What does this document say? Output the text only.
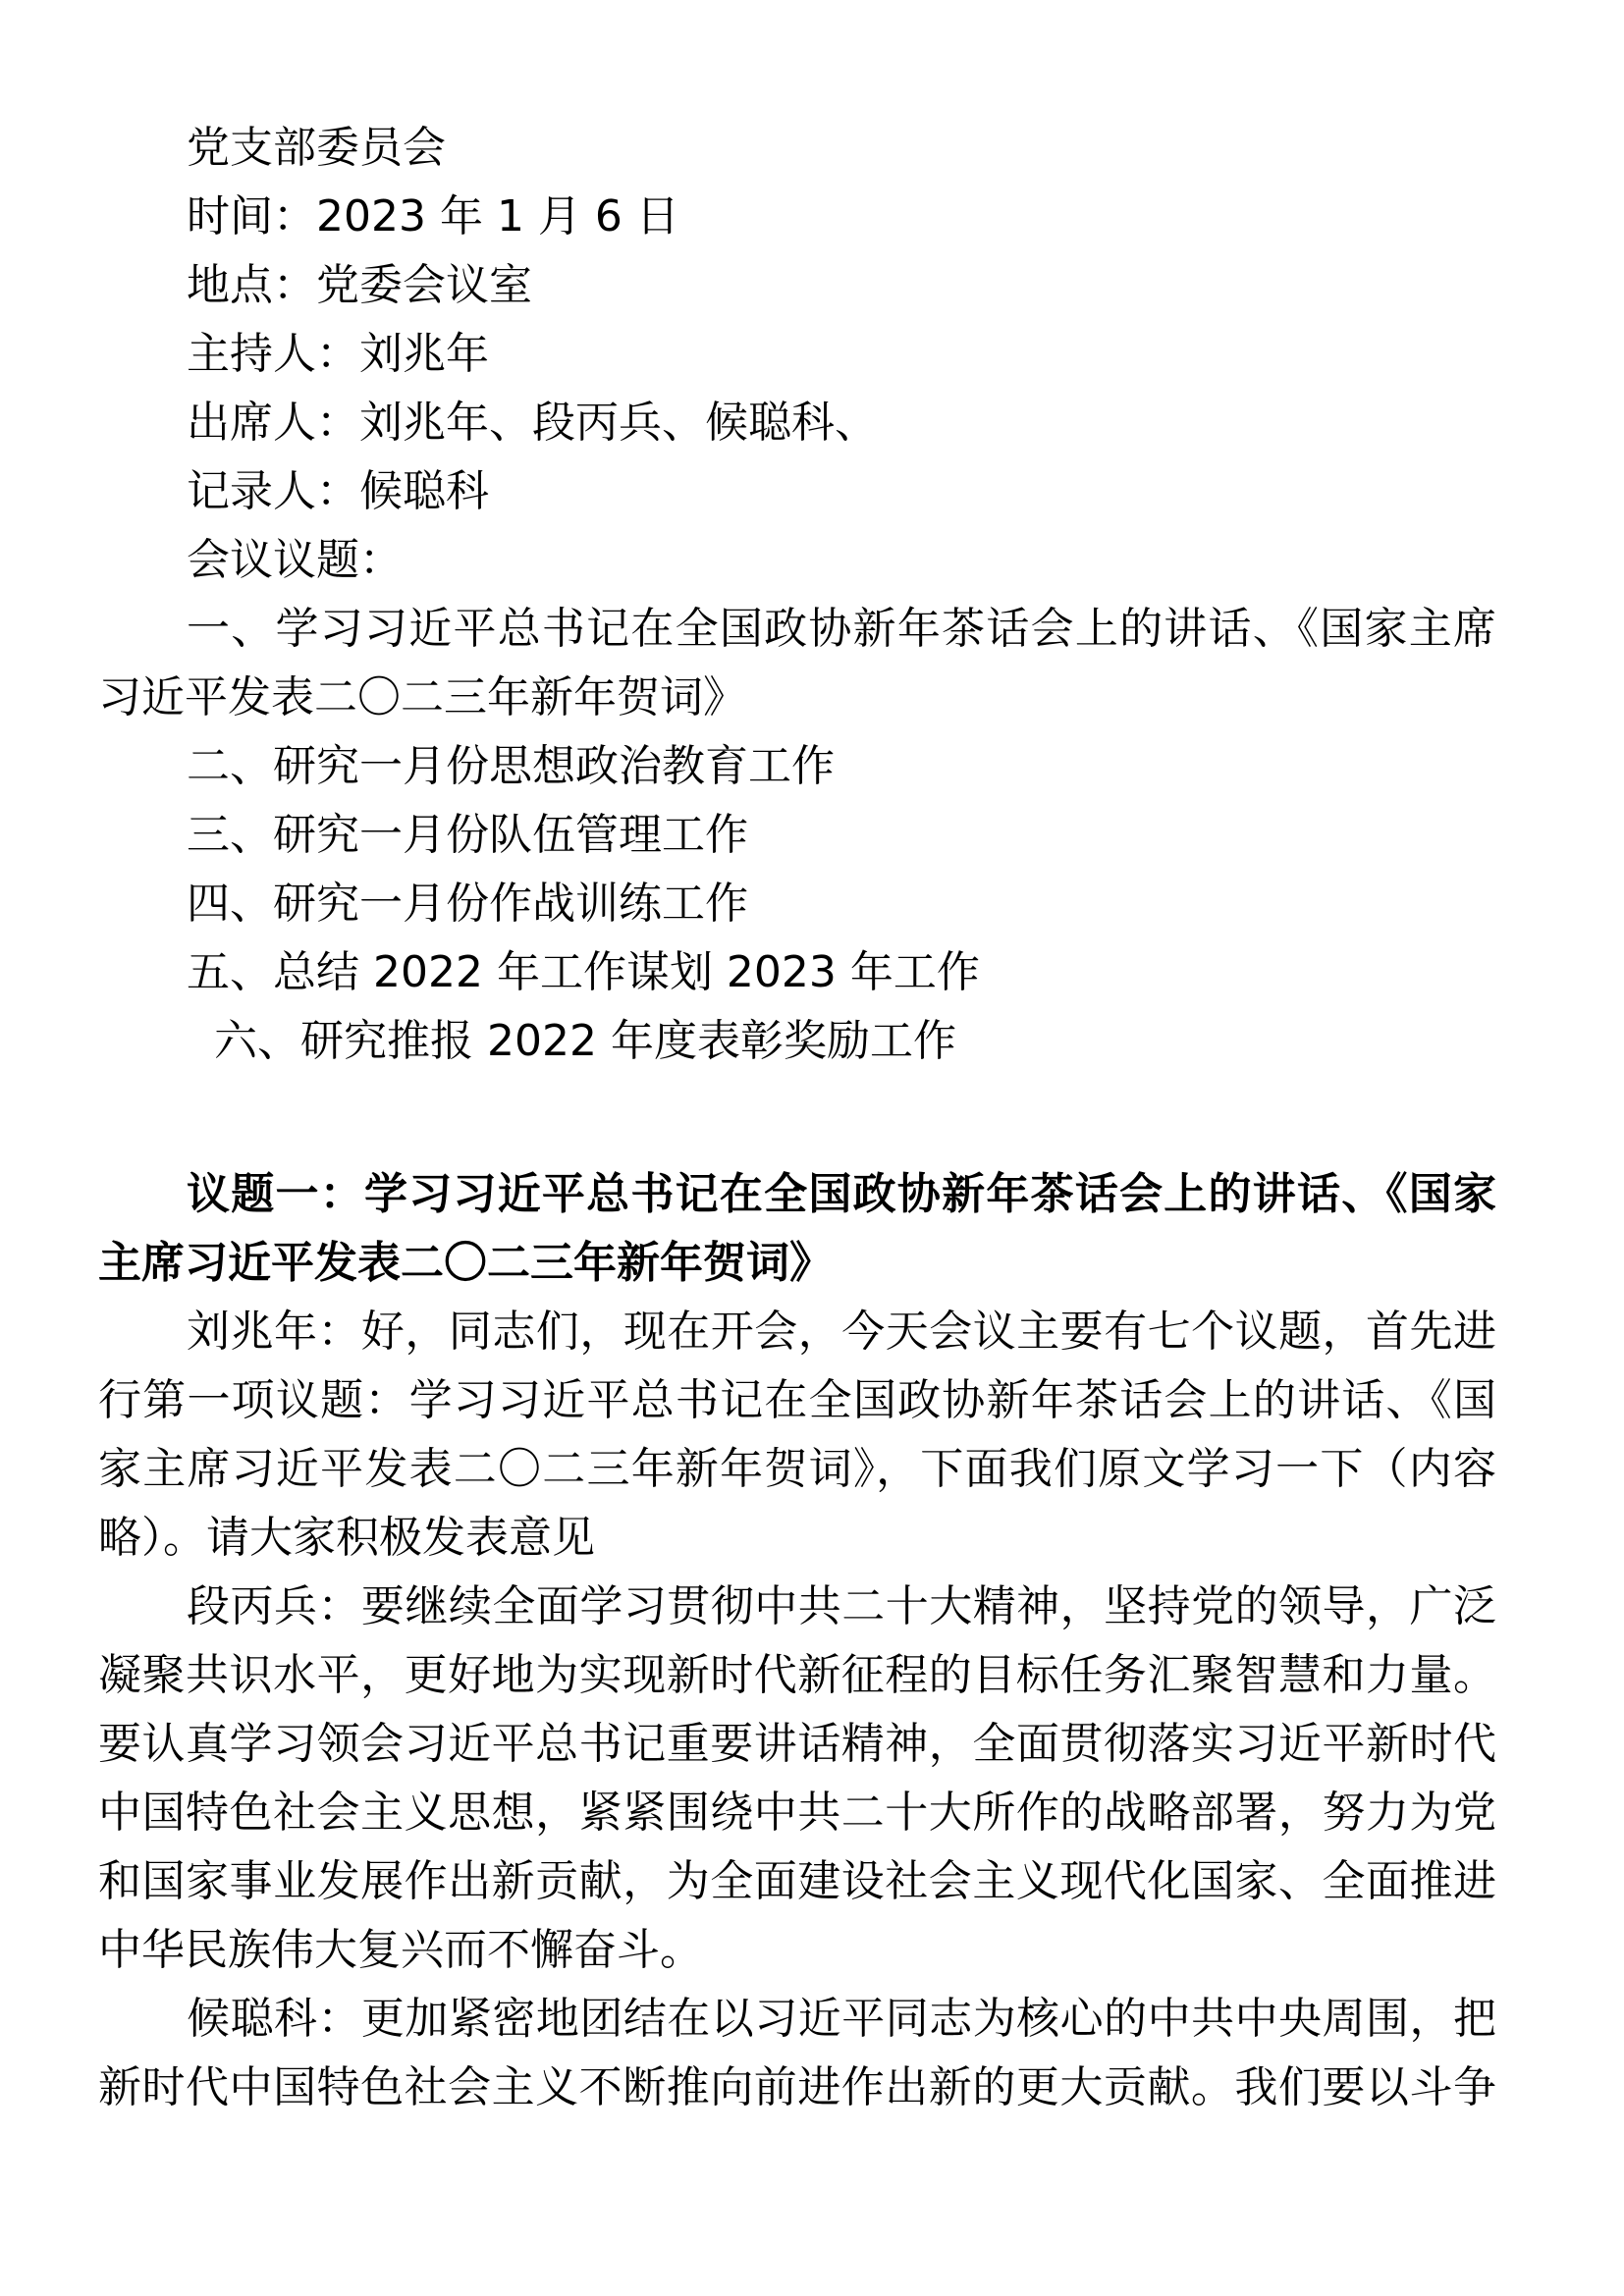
党支部委员会
时间：2023 年 1 月 6 日
地点：党委会议室
主持人：刘兆年
出席人：刘兆年、段丙兵、候聪科、
记录人：候聪科
会议议题：
一、学习习近平总书记在全国政协新年茶话会上的讲话、《国家主席
习近平发表二〇二三年新年贺词》
二、研究一月份思想政治教育工作
三、研究一月份队伍管理工作
四、研究一月份作战训练工作
五、总结 2022 年工作谋划 2023 年工作
六、研究推报 2022 年度表彰奖励工作
议题一：学习习近平总书记在全国政协新年茶话会上的讲话、《国家
主席习近平发表二〇二三年新年贺词》
刘兆年：好，同志们，现在开会，今天会议主要有七个议题，首先进
行第一项议题：学习习近平总书记在全国政协新年茶话会上的讲话、《国
家主席习近平发表二〇二三年新年贺词》，下面我们原文学习一下（内容
略）。请大家积极发表意见
段丙兵：要继续全面学习贯彻中共二十大精神，坚持党的领导，广泛
凝聚共识水平，更好地为实现新时代新征程的目标任务汇聚智慧和力量。
要认真学习领会习近平总书记重要讲话精神，全面贯彻落实习近平新时代
中国特色社会主义思想，紧紧围绕中共二十大所作的战略部署，努力为党
和国家事业发展作出新贡献，为全面建设社会主义现代化国家、全面推进
中华民族伟大复兴而不懈奋斗。
候聪科：更加紧密地团结在以习近平同志为核心的中共中央周围，把
新时代中国特色社会主义不断推向前进作出新的更大贡献。我们要以斗争
